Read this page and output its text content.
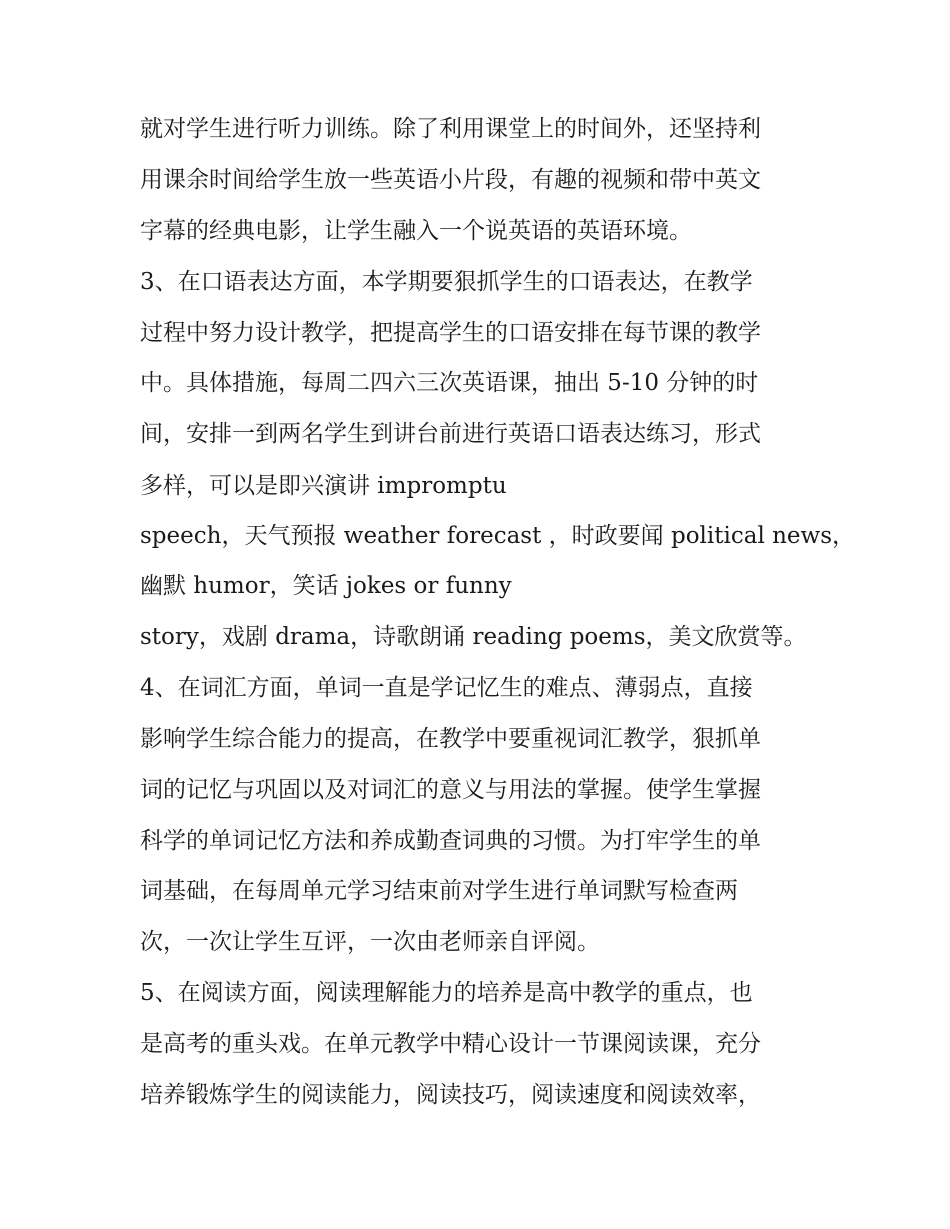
就对学生进行听力训练。除了利用课堂上的时间外，还坚持利
用课余时间给学生放一些英语小片段，有趣的视频和带中英文
字幕的经典电影，让学生融入一个说英语的英语环境。
3、在口语表达方面，本学期要狠抓学生的口语表达，在教学
过程中努力设计教学，把提高学生的口语安排在每节课的教学
中。具体措施，每周二四六三次英语课，抽出 5-10 分钟的时
间，安排一到两名学生到讲台前进行英语口语表达练习，形式
多样，可以是即兴演讲 impromptu
speech，天气预报 weather forecast ，时政要闻 political news，
幽默 humor，笑话 jokes or funny
story，戏剧 drama，诗歌朗诵 reading poems，美文欣赏等。
4、在词汇方面，单词一直是学记忆生的难点、薄弱点，直接
影响学生综合能力的提高，在教学中要重视词汇教学，狠抓单
词的记忆与巩固以及对词汇的意义与用法的掌握。使学生掌握
科学的单词记忆方法和养成勤查词典的习惯。为打牢学生的单
词基础，在每周单元学习结束前对学生进行单词默写检查两
次，一次让学生互评，一次由老师亲自评阅。
5、在阅读方面，阅读理解能力的培养是高中教学的重点，也
是高考的重头戏。在单元教学中精心设计一节课阅读课，充分
培养锻炼学生的阅读能力，阅读技巧，阅读速度和阅读效率，
